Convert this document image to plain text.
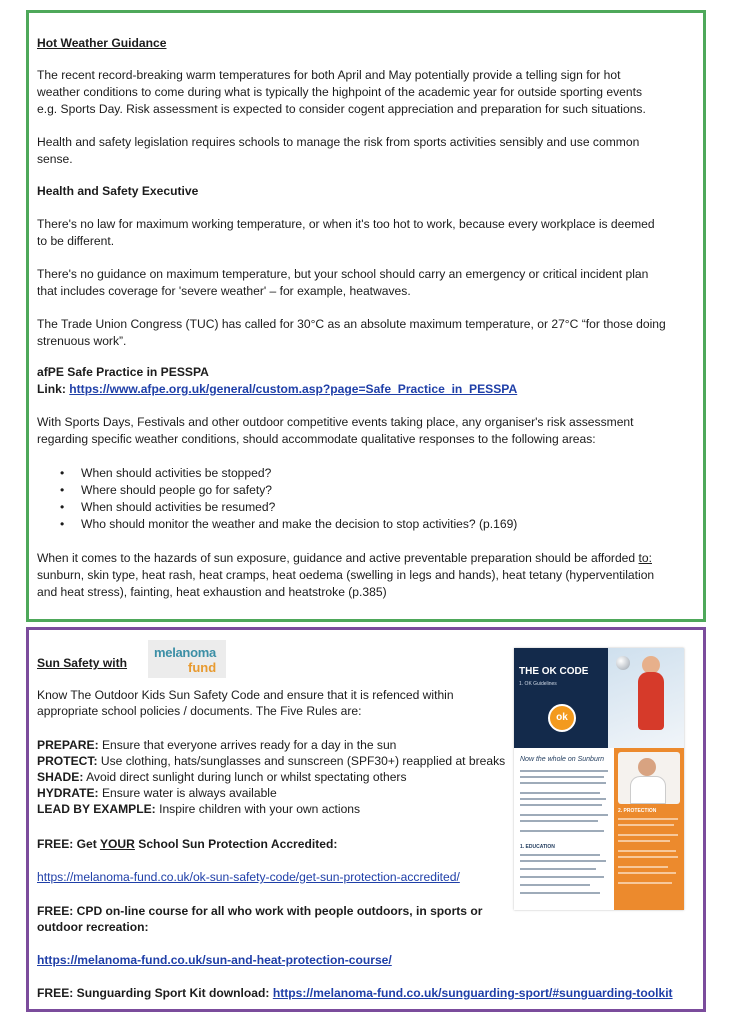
Hot Weather Guidance
The recent record-breaking warm temperatures for both April and May potentially provide a telling sign for hot
weather conditions to come during what is typically the highpoint of the academic year for outside sporting events
e.g. Sports Day. Risk assessment is expected to consider cogent appreciation and preparation for such situations.
Health and safety legislation requires schools to manage the risk from sports activities sensibly and use common
sense.
Health and Safety Executive
There's no law for maximum working temperature, or when it's too hot to work, because every workplace is deemed
to be different.
There's no guidance on maximum temperature, but your school should carry an emergency or critical incident plan
that includes coverage for 'severe weather' – for example, heatwaves.
The Trade Union Congress (TUC) has called for 30°C as an absolute maximum temperature, or 27°C “for those doing
strenuous work”.
afPE Safe Practice in PESSPA
Link: https://www.afpe.org.uk/general/custom.asp?page=Safe_Practice_in_PESSPA
With Sports Days, Festivals and other outdoor competitive events taking place, any organiser's risk assessment
regarding specific weather conditions, should accommodate qualitative responses to the following areas:
•     When should activities be stopped?
•     Where should people go for safety?
•     When should activities be resumed?
•     Who should monitor the weather and make the decision to stop activities? (p.169)
When it comes to the hazards of sun exposure, guidance and active preventable preparation should be afforded to:
sunburn, skin type, heat rash, heat cramps, heat oedema (swelling in legs and hands), heat tetany (hyperventilation
and heat stress), fainting, heat exhaustion and heatstroke (p.385)
Sun Safety with
melanoma
fund
Know The Outdoor Kids Sun Safety Code and ensure that it is refenced within
appropriate school policies / documents. The Five Rules are:
PREPARE: Ensure that everyone arrives ready for a day in the sun
PROTECT: Use clothing, hats/sunglasses and sunscreen (SPF30+) reapplied at breaks
SHADE: Avoid direct sunlight during lunch or whilst spectating others
HYDRATE: Ensure water is always available
LEAD BY EXAMPLE: Inspire children with your own actions
FREE: Get YOUR School Sun Protection Accredited:
https://melanoma-fund.co.uk/ok-sun-safety-code/get-sun-protection-accredited/
FREE: CPD on-line course for all who work with people outdoors, in sports or
outdoor recreation:
https://melanoma-fund.co.uk/sun-and-heat-protection-course/
FREE: Sunguarding Sport Kit download: https://melanoma-fund.co.uk/sunguarding-sport/#sunguarding-toolkit
THE OK CODE
1. OK Guidelines
ok
Now the whole on Sunburn
1. EDUCATION
2. PROTECTION
